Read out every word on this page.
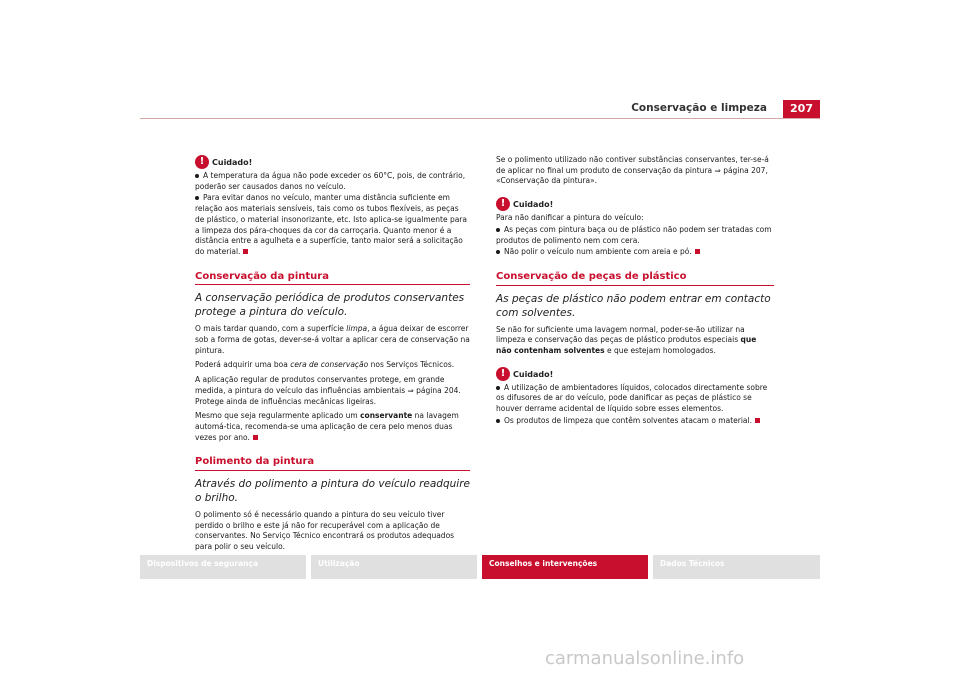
Conservação e limpeza	207
! Cuidado!
A temperatura da água não pode exceder os 60°C, pois, de contrário, poderão ser causados danos no veículo.
Para evitar danos no veículo, manter uma distância suficiente em relação aos materiais sensíveis, tais como os tubos flexíveis, as peças de plástico, o material insonorizante, etc. Isto aplica-se igualmente para a limpeza dos pára-choques da cor da carroçaria. Quanto menor é a distância entre a agulheta e a superfície, tanto maior será a solicitação do material.
Conservação da pintura
A conservação periódica de produtos conservantes protege a pintura do veículo.

O mais tardar quando, com a superfície limpa, a água deixar de escorrer sob a forma de gotas, dever-se-á voltar a aplicar cera de conservação na pintura.

Poderá adquirir uma boa cera de conservação nos Serviços Técnicos.

A aplicação regular de produtos conservantes protege, em grande medida, a pintura do veículo das influências ambientais ⇒ página 204. Protege ainda de influências mecânicas ligeiras.

Mesmo que seja regularmente aplicado um conservante na lavagem automá-tica, recomenda-se uma aplicação de cera pelo menos duas vezes por ano.

Polimento da pintura
Através do polimento a pintura do veículo readquire o brilho.

O polimento só é necessário quando a pintura do seu veículo tiver perdido o brilho e este já não for recuperável com a aplicação de conservantes. No Serviço Técnico encontrará os produtos adequados para polir o seu veículo.

Se o polimento utilizado não contiver substâncias conservantes, ter-se-á de aplicar no final um produto de conservação da pintura ⇒ página 207, «Conservação da pintura».

! Cuidado!
Para não danificar a pintura do veículo:
As peças com pintura baça ou de plástico não podem ser tratadas com produtos de polimento nem com cera.
Não polir o veículo num ambiente com areia e pó.
Conservação de peças de plástico
As peças de plástico não podem entrar em contacto com solventes.

Se não for suficiente uma lavagem normal, poder-se-ão utilizar na limpeza e conservação das peças de plástico produtos especiais que não contenham solventes e que estejam homologados.

! Cuidado!
A utilização de ambientadores líquidos, colocados directamente sobre os difusores de ar do veículo, pode danificar as peças de plástico se houver derrame acidental de líquido sobre esses elementos.
Os produtos de limpeza que contêm solventes atacam o material.
Dispositivos de segurança	Utilização	Conselhos e intervenções	Dados Técnicos
carmanualsonline.info
